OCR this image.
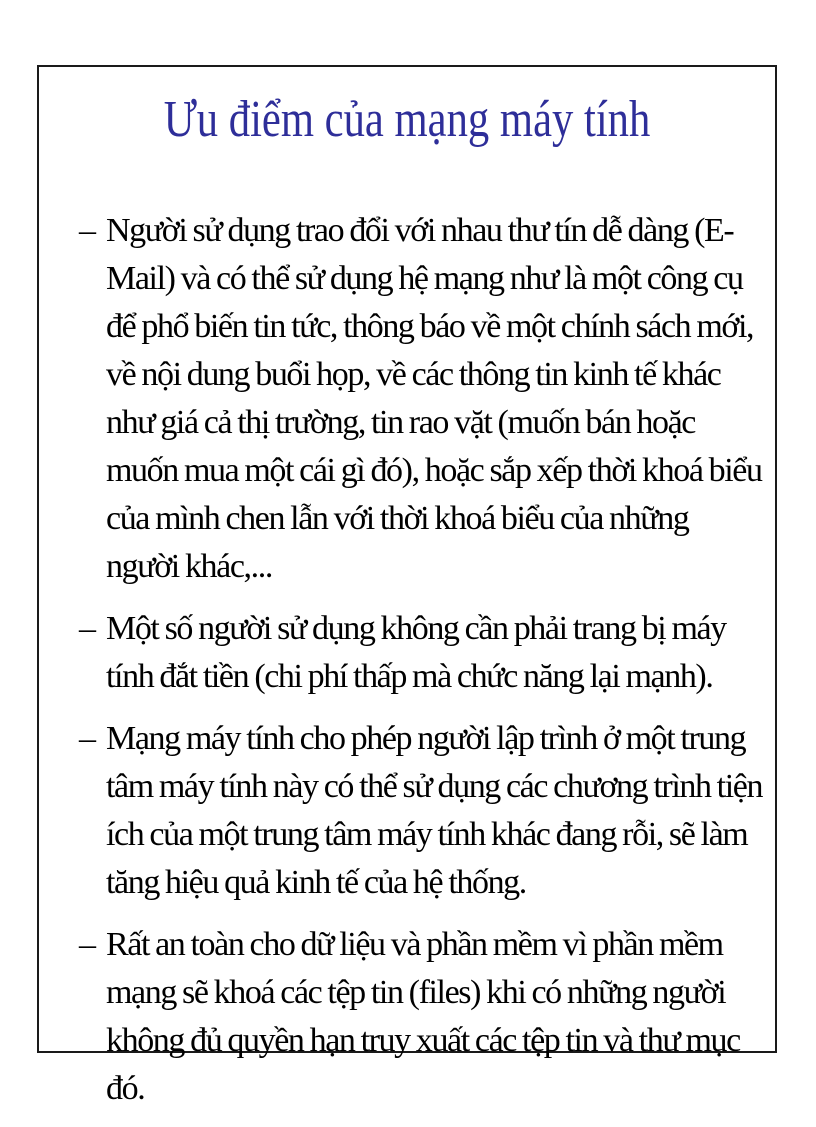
Ưu điểm của mạng máy tính
– Người sử dụng trao đổi với nhau thư tín dễ dàng (E-Mail) và có thể sử dụng hệ mạng như là một công cụ để phổ biến tin tức, thông báo về một chính sách mới, về nội dung buổi họp, về các thông tin kinh tế khác như giá cả thị trường, tin rao vặt (muốn bán hoặc muốn mua một cái gì đó), hoặc sắp xếp thời khoá biểu của mình chen lẫn với thời khoá biểu của những người khác,...
– Một số người sử dụng không cần phải trang bị máy tính đắt tiền (chi phí thấp mà chức năng lại mạnh).
– Mạng máy tính cho phép người lập trình ở một trung tâm máy tính này có thể sử dụng các chương trình tiện ích của một trung tâm máy tính khác đang rỗi, sẽ làm tăng hiệu quả kinh tế của hệ thống.
– Rất an toàn cho dữ liệu và phần mềm vì phần mềm mạng sẽ khoá các tệp tin (files) khi có những người không đủ quyền hạn truy xuất các tệp tin và thư mục đó.
